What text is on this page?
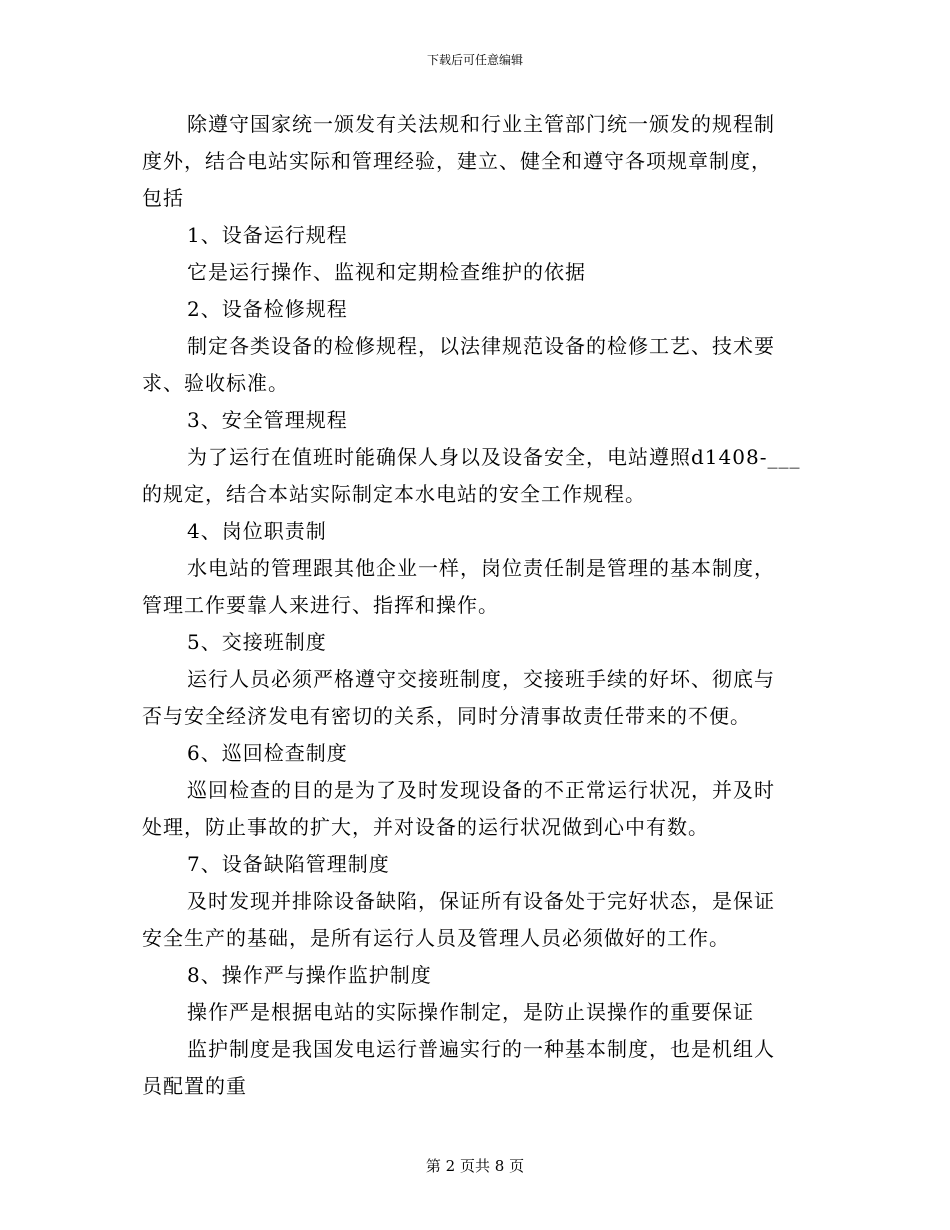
下载后可任意编辑
除遵守国家统一颁发有关法规和行业主管部门统一颁发的规程制
度外，结合电站实际和管理经验，建立、健全和遵守各项规章制度，
包括
1、设备运行规程
它是运行操作、监视和定期检查维护的依据
2、设备检修规程
制定各类设备的检修规程，以法律规范设备的检修工艺、技术要
求、验收标准。
3、安全管理规程
为了运行在值班时能确保人身以及设备安全，电站遵照d1408-___
的规定，结合本站实际制定本水电站的安全工作规程。
4、岗位职责制
水电站的管理跟其他企业一样，岗位责任制是管理的基本制度，
管理工作要靠人来进行、指挥和操作。
5、交接班制度
运行人员必须严格遵守交接班制度，交接班手续的好坏、彻底与
否与安全经济发电有密切的关系，同时分清事故责任带来的不便。
6、巡回检查制度
巡回检查的目的是为了及时发现设备的不正常运行状况，并及时
处理，防止事故的扩大，并对设备的运行状况做到心中有数。
7、设备缺陷管理制度
及时发现并排除设备缺陷，保证所有设备处于完好状态，是保证
安全生产的基础，是所有运行人员及管理人员必须做好的工作。
8、操作严与操作监护制度
操作严是根据电站的实际操作制定，是防止误操作的重要保证
监护制度是我国发电运行普遍实行的一种基本制度，也是机组人
员配置的重
第 2 页共 8 页
